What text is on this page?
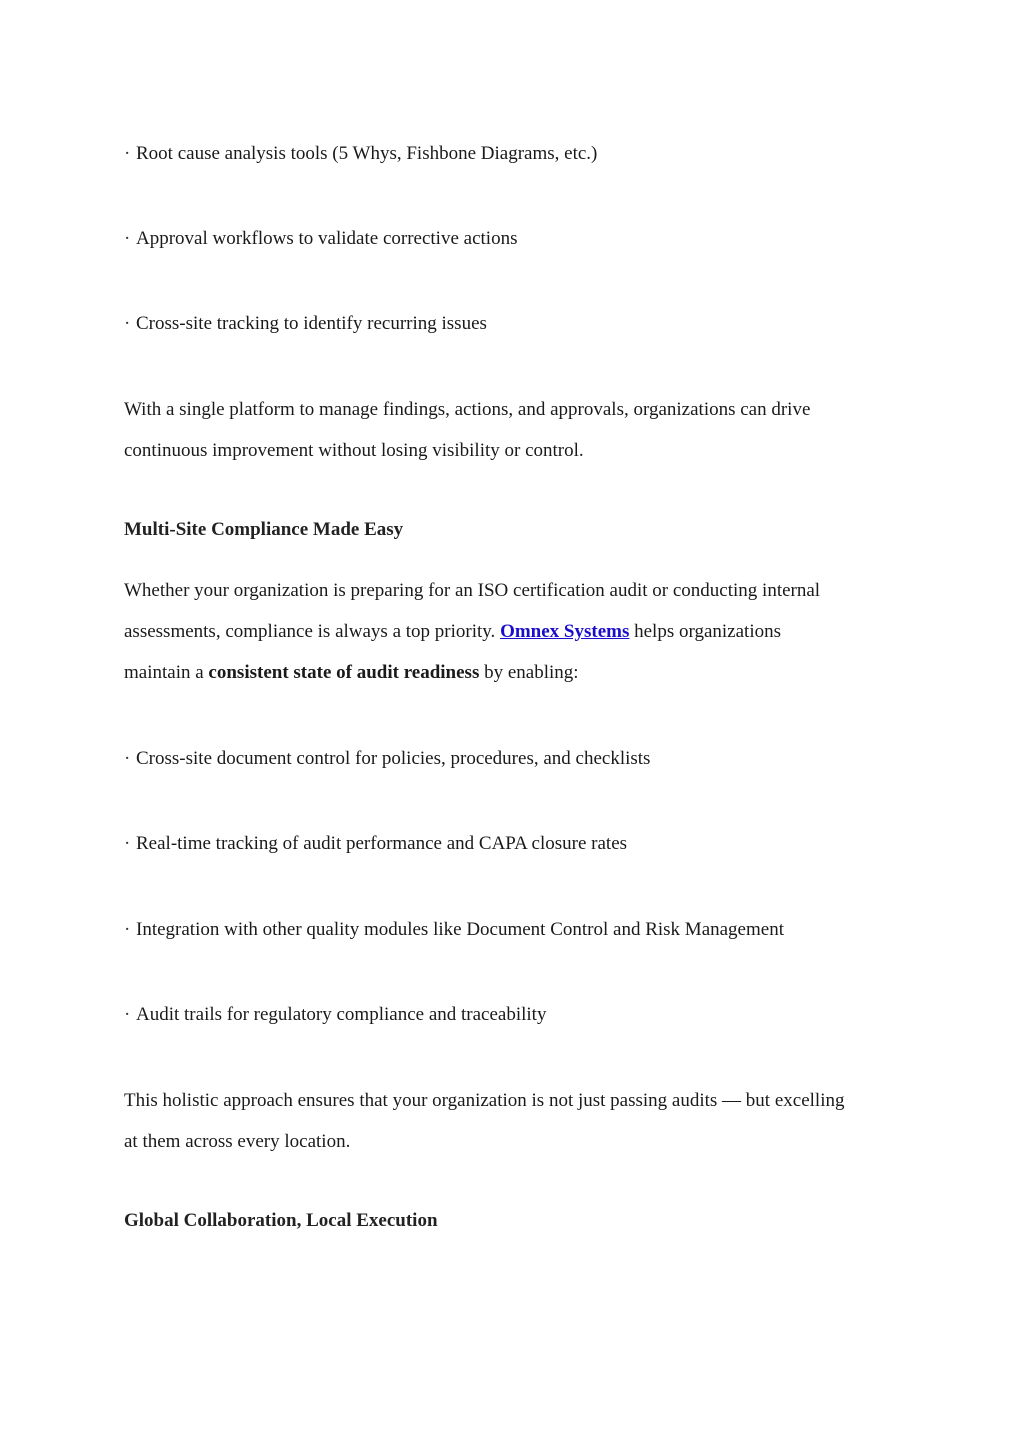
· Root cause analysis tools (5 Whys, Fishbone Diagrams, etc.)
· Approval workflows to validate corrective actions
· Cross-site tracking to identify recurring issues
With a single platform to manage findings, actions, and approvals, organizations can drive
continuous improvement without losing visibility or control.
Multi-Site Compliance Made Easy
Whether your organization is preparing for an ISO certification audit or conducting internal
assessments, compliance is always a top priority. Omnex Systems helps organizations
maintain a consistent state of audit readiness by enabling:
· Cross-site document control for policies, procedures, and checklists
· Real-time tracking of audit performance and CAPA closure rates
· Integration with other quality modules like Document Control and Risk Management
· Audit trails for regulatory compliance and traceability
This holistic approach ensures that your organization is not just passing audits — but excelling
at them across every location.
Global Collaboration, Local Execution
